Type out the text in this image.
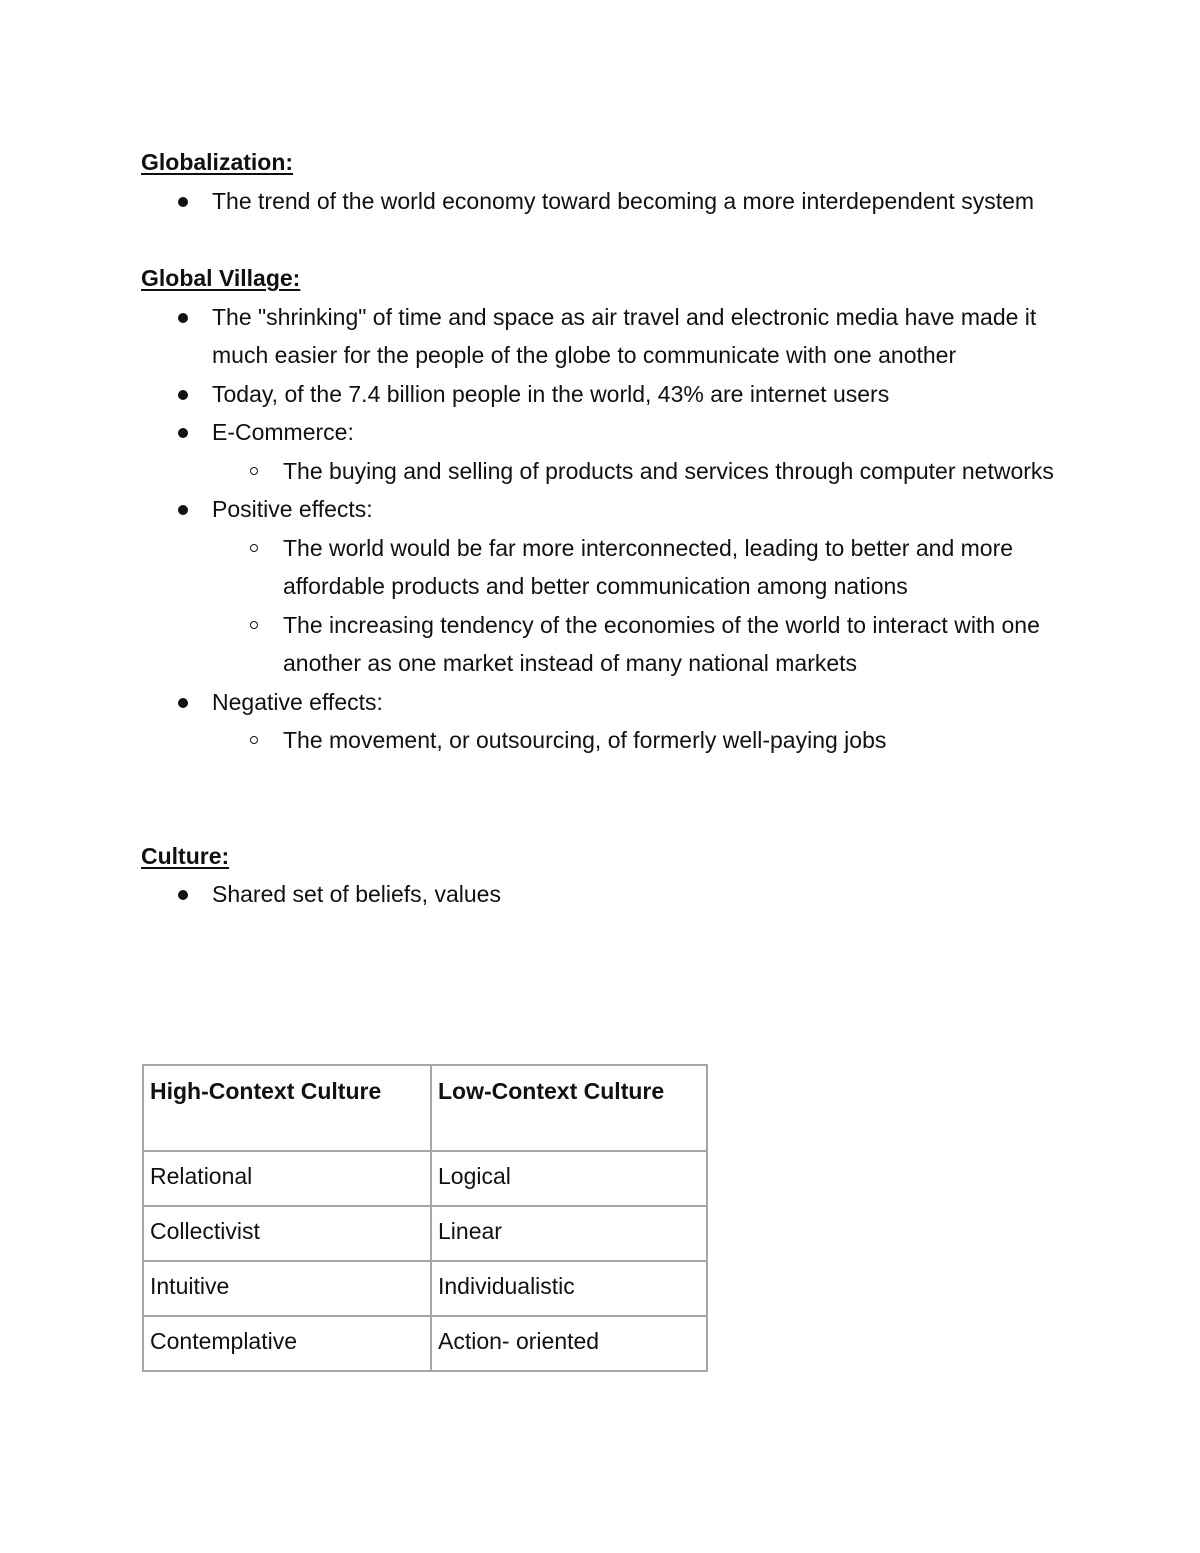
Globalization:

The trend of the world economy toward becoming a more interdependent system

Global Village:

The "shrinking" of time and space as air travel and electronic media have made it much easier for the people of the globe to communicate with one another
Today, of the 7.4 billion people in the world, 43% are internet users
E-Commerce:
The buying and selling of products and services through computer networks
Positive effects:
The world would be far more interconnected, leading to better and more affordable products and better communication among nations
The increasing tendency of the economies of the world to interact with one another as one market instead of many national markets
Negative effects:
The movement, or outsourcing, of formerly well-paying jobs

Culture:

Shared set of beliefs, values
High-Context Culture	Low-Context Culture
Relational	Logical
Collectivist	Linear
Intuitive	Individualistic
Contemplative	Action- oriented
